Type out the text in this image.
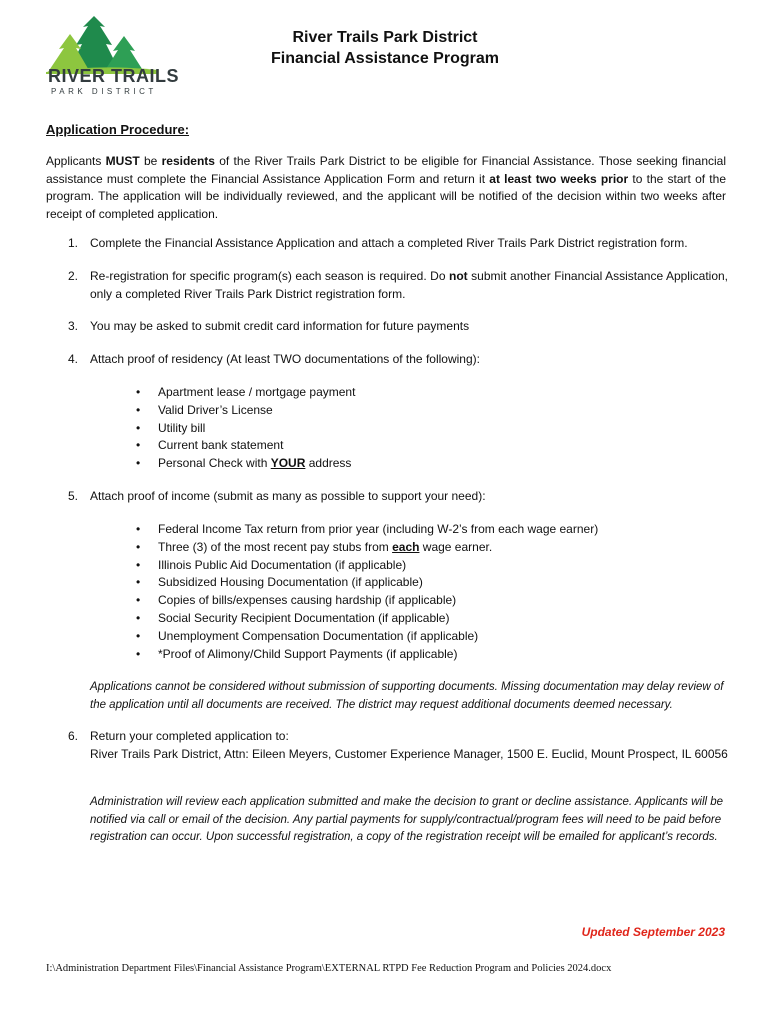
RIVER TRAILS
PARK DISTRICT
River Trails Park District
Financial Assistance Program
Application Procedure:
Applicants MUST be residents of the River Trails Park District to be eligible for Financial Assistance. Those seeking financial assistance must complete the Financial Assistance Application Form and return it at least two weeks prior to the start of the program. The application will be individually reviewed, and the applicant will be notified of the decision within two weeks after receipt of completed application.
1. Complete the Financial Assistance Application and attach a completed River Trails Park District registration form.
2. Re-registration for specific program(s) each season is required. Do not submit another Financial Assistance Application, only a completed River Trails Park District registration form.
3. You may be asked to submit credit card information for future payments
4. Attach proof of residency (At least TWO documentations of the following):
• Apartment lease / mortgage payment
• Valid Driver’s License
• Utility bill
• Current bank statement
• Personal Check with YOUR address
5. Attach proof of income (submit as many as possible to support your need):
• Federal Income Tax return from prior year (including W-2’s from each wage earner)
• Three (3) of the most recent pay stubs from each wage earner.
• Illinois Public Aid Documentation (if applicable)
• Subsidized Housing Documentation (if applicable)
• Copies of bills/expenses causing hardship (if applicable)
• Social Security Recipient Documentation (if applicable)
• Unemployment Compensation Documentation (if applicable)
• *Proof of Alimony/Child Support Payments (if applicable)
Applications cannot be considered without submission of supporting documents. Missing documentation may delay review of the application until all documents are received. The district may request additional documents deemed necessary.
6. Return your completed application to:
River Trails Park District, Attn: Eileen Meyers, Customer Experience Manager, 1500 E. Euclid, Mount Prospect, IL 60056
Administration will review each application submitted and make the decision to grant or decline assistance. Applicants will be notified via call or email of the decision. Any partial payments for supply/contractual/program fees will need to be paid before registration can occur. Upon successful registration, a copy of the registration receipt will be emailed for applicant’s records.
Updated September 2023
I:\Administration Department Files\Financial Assistance Program\EXTERNAL RTPD Fee Reduction Program and Policies 2024.docx
